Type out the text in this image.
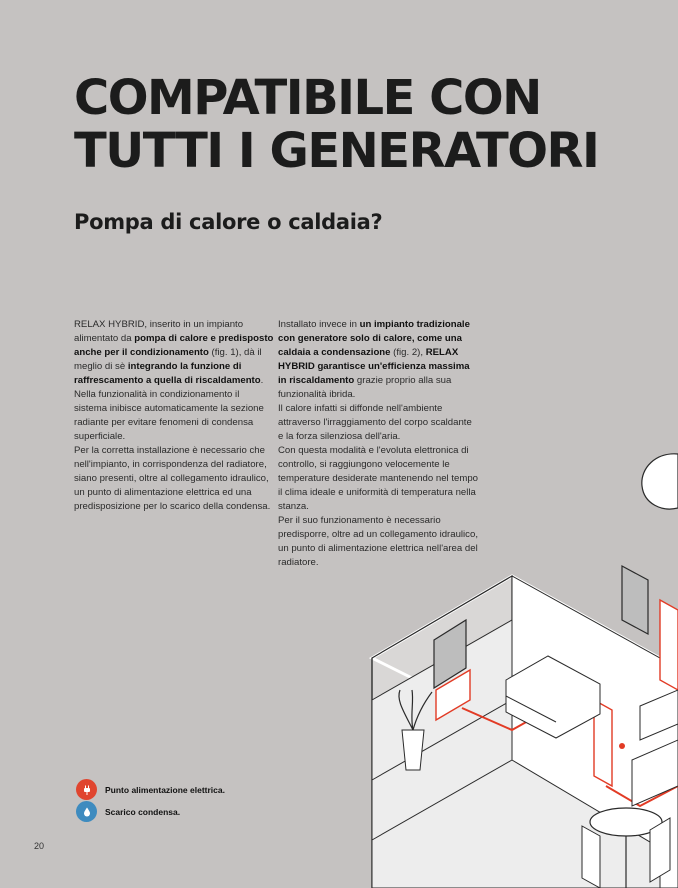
COMPATIBILE CON
TUTTI I GENERATORI
Pompa di calore o caldaia?

RELAX HYBRID, inserito in un impianto alimentato da pompa di calore e predisposto anche per il condizionamento (fig. 1), dà il meglio di sè integrando la funzione di raffrescamento a quella di riscaldamento.

Nella funzionalità in condizionamento il sistema inibisce automaticamente la sezione radiante per evitare fenomeni di condensa superficiale.

Per la corretta installazione è necessario che nell'impianto, in corrispondenza del radiatore, siano presenti, oltre al collegamento idraulico, un punto di alimentazione elettrica ed una predisposizione per lo scarico della condensa.

Installato invece in un impianto tradizionale con generatore solo di calore, come una caldaia a condensazione (fig. 2), RELAX HYBRID garantisce un'efficienza massima in riscaldamento grazie proprio alla sua funzionalità ibrida.

Il calore infatti si diffonde nell'ambiente attraverso l'irraggiamento del corpo scaldante e la forza silenziosa dell'aria.

Con questa modalità e l'evoluta elettronica di controllo, si raggiungono velocemente le temperature desiderate mantenendo nel tempo il clima ideale e uniformità di temperatura nella stanza.

Per il suo funzionamento è necessario predisporre, oltre ad un collegamento idraulico, un punto di alimentazione elettrica nell'area del radiatore.

Punto alimentazione elettrica.
Scarico condensa.
20
